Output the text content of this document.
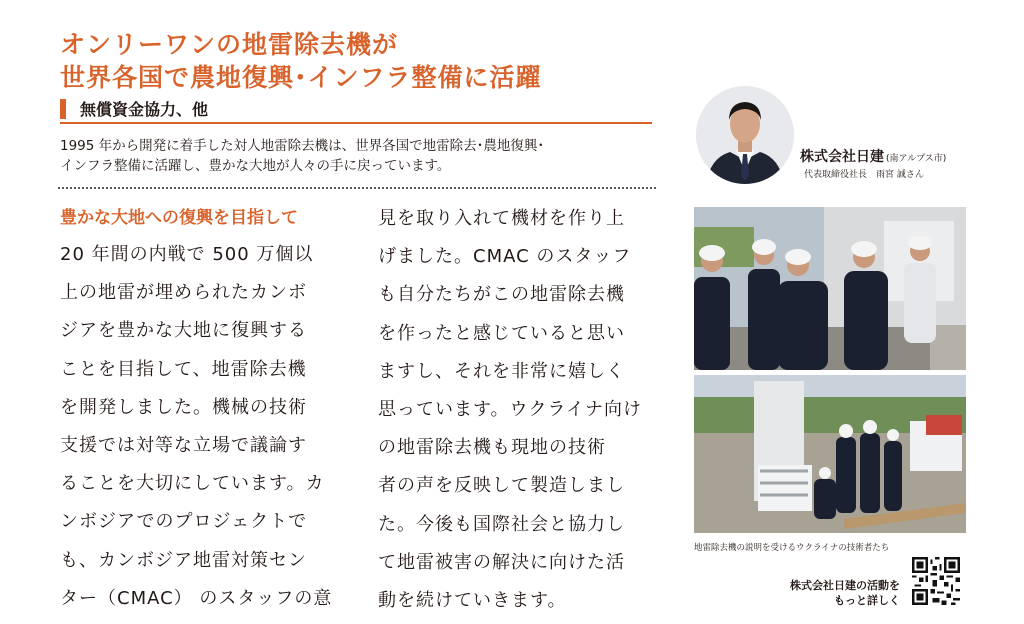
オンリーワンの地雷除去機が
世界各国で農地復興･インフラ整備に活躍
無償資金協力、他
1995 年から開発に着手した対人地雷除去機は、世界各国で地雷除去･農地復興･
インフラ整備に活躍し、豊かな大地が人々の手に戻っています。
豊かな大地への復興を目指して
20 年間の内戦で 500 万個以
上の地雷が埋められたカンボ
ジアを豊かな大地に復興する
ことを目指して、地雷除去機
を開発しました。機械の技術
支援では対等な立場で議論す
ることを大切にしています。カ
ンボジアでのプロジェクトで
も、カンボジア地雷対策セン
ター（CMAC） のスタッフの意
見を取り入れて機材を作り上
げました。CMAC のスタッフ
も自分たちがこの地雷除去機
を作ったと感じていると思い
ますし、それを非常に嬉しく
思っています。ウクライナ向け
の地雷除去機も現地の技術
者の声を反映して製造しまし
た。今後も国際社会と協力し
て地雷被害の解決に向けた活
動を続けていきます。
株式会社日建 (南アルプス市)
代表取締役社長　雨宮 誠さん
地雷除去機の説明を受けるウクライナの技術者たち
株式会社日建の活動を
もっと詳しく
